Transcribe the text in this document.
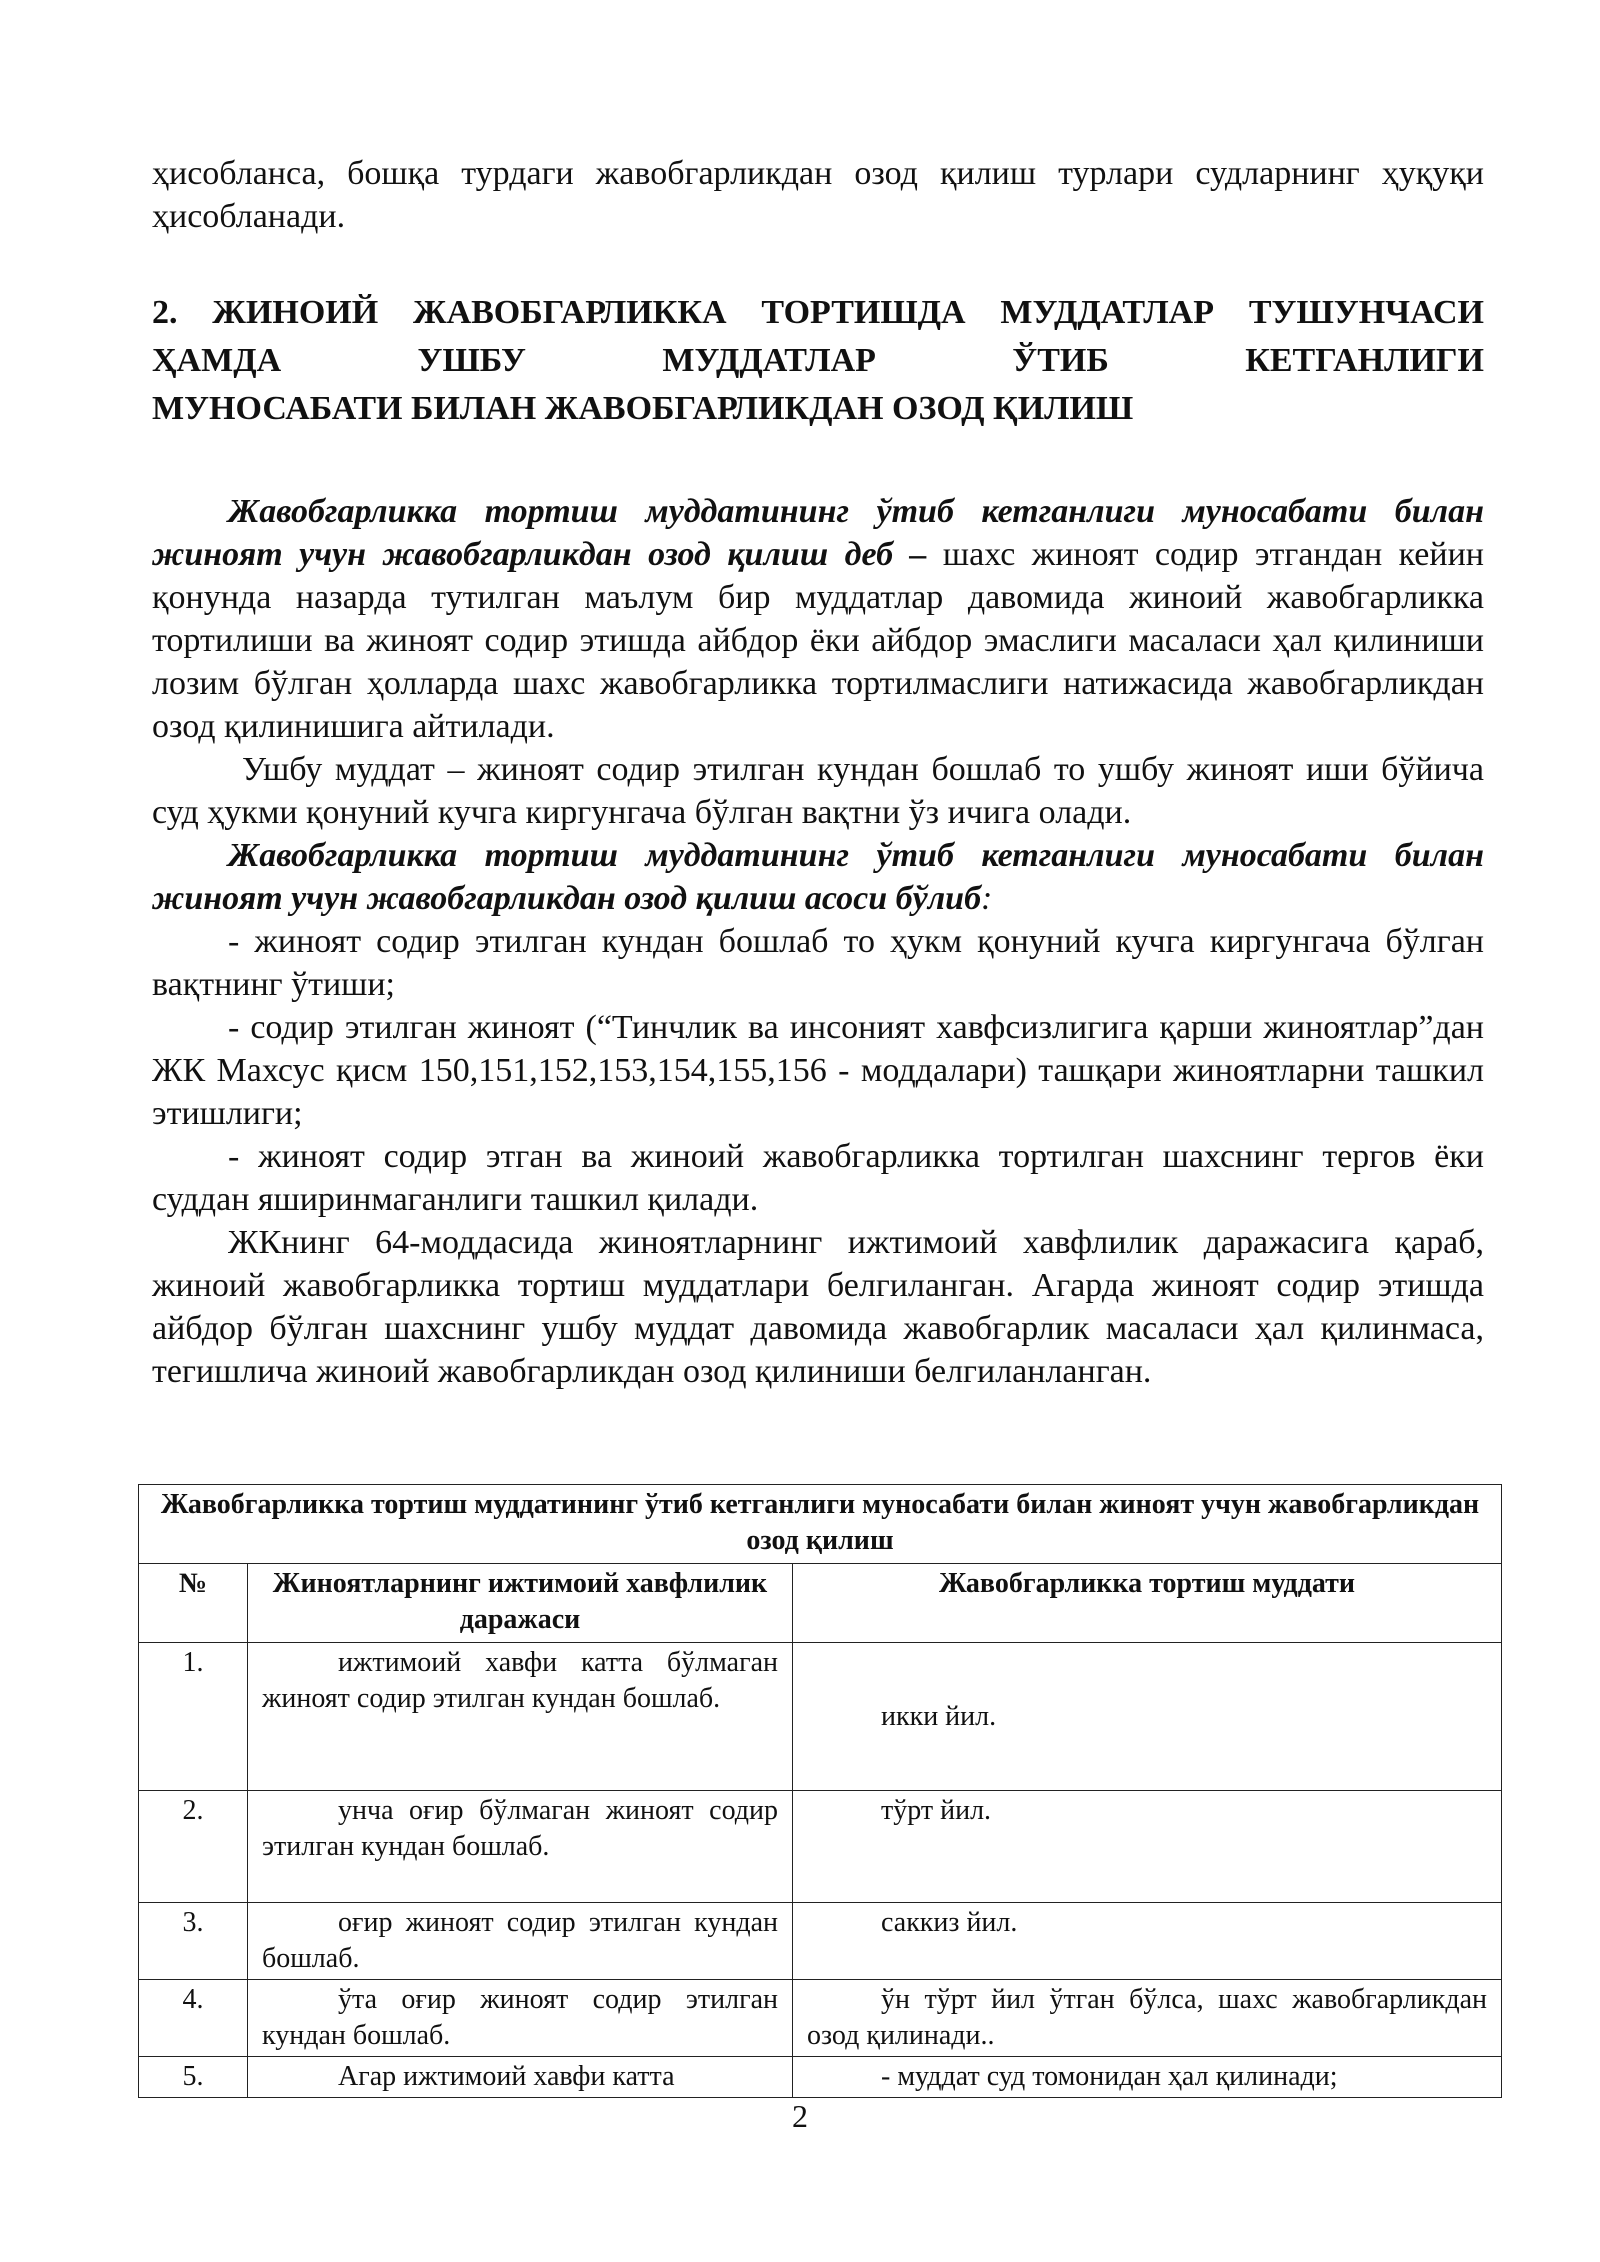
ҳисобланса, бошқа турдаги жавобгарликдан озод қилиш турлари судларнинг ҳуқуқи ҳисобланади.
2. ЖИНОИЙ ЖАВОБГАРЛИККА ТОРТИШДА МУДДАТЛАР ТУШУНЧАСИ ҲАМДА УШБУ МУДДАТЛАР ЎТИБ КЕТГАНЛИГИ
МУНОСАБАТИ БИЛАН ЖАВОБГАРЛИКДАН ОЗОД ҚИЛИШ

Жавобгарликка тортиш муддатининг ўтиб кетганлиги муносабати билан жиноят учун жавобгарликдан озод қилиш деб – шахс жиноят содир этгандан кейин қонунда назарда тутилган маълум бир муддатлар давомида жиноий жавобгарликка тортилиши ва жиноят содир этишда айбдор ёки айбдор эмаслиги масаласи ҳал қилиниши лозим бўлган ҳолларда шахс жавобгарликка тортилмаслиги натижасида жавобгарликдан озод қилинишига айтилади.

Ушбу муддат – жиноят содир этилган кундан бошлаб то ушбу жиноят иши бўйича суд ҳукми қонуний кучга киргунгача бўлган вақтни ўз ичига олади.

Жавобгарликка тортиш муддатининг ўтиб кетганлиги муносабати билан жиноят учун жавобгарликдан озод қилиш асоси бўлиб:

- жиноят содир этилган кундан бошлаб то ҳукм қонуний кучга киргунгача бўлган вақтнинг ўтиши;

- содир этилган жиноят (“Тинчлик ва инсоният хавфсизлигига қарши жиноятлар”дан ЖК Махсус қисм 150,151,152,153,154,155,156 - моддалари) ташқари жиноятларни ташкил этишлиги;

- жиноят содир этган ва жиноий жавобгарликка тортилган шахснинг тергов ёки суддан яширинмаганлиги ташкил қилади.

ЖКнинг 64-моддасида жиноятларнинг ижтимоий хавфлилик даражасига қараб, жиноий жавобгарликка тортиш муддатлари белгиланган. Агарда жиноят содир этишда айбдор бўлган шахснинг ушбу муддат давомида жавобгарлик масаласи ҳал қилинмаса, тегишлича жиноий жавобгарликдан озод қилиниши белгиланланган.

Жавобгарликка тортиш муддатининг ўтиб кетганлиги муносабати билан жиноят учун жавобгарликдан озод қилиш		
№	Жиноятларнинг ижтимоий хавфлилик даражаси	Жавобгарликка тортиш муддати
1.	ижтимоий хавфи катта бўлмаган жиноят содир этилган кундан бошлаб.	икки йил.

2.	унча оғир бўлмаган жиноят содир этилган кундан бошлаб.	тўрт йил.

3.	оғир жиноят содир этилган кундан бошлаб.	саккиз йил.

4.	ўта оғир жиноят содир этилган кундан бошлаб.	ўн тўрт йил ўтган бўлса, шахс жавобгарликдан озод қилинади..

5.	Агар ижтимоий хавфи катта	- муддат суд томонидан ҳал қилинади;
2
